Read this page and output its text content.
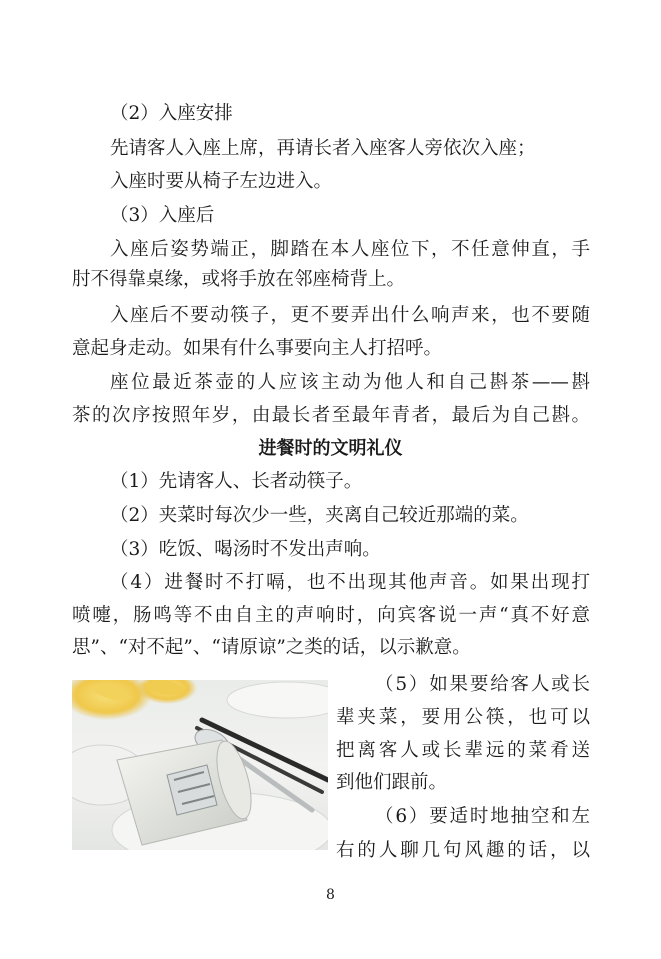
（2）入座安排
先请客人入座上席，再请长者入座客人旁依次入座；
入座时要从椅子左边进入。
（3）入座后
入座后姿势端正，脚踏在本人座位下，不任意伸直，手
肘不得靠桌缘，或将手放在邻座椅背上。
入座后不要动筷子，更不要弄出什么响声来，也不要随
意起身走动。如果有什么事要向主人打招呼。
座位最近茶壶的人应该主动为他人和自己斟茶——斟
茶的次序按照年岁，由最长者至最年青者，最后为自己斟。
进餐时的文明礼仪
（1）先请客人、长者动筷子。
（2）夹菜时每次少一些，夹离自己较近那端的菜。
（3）吃饭、喝汤时不发出声响。
（4）进餐时不打嗝，也不出现其他声音。如果出现打
喷嚏，肠鸣等不由自主的声响时，向宾客说一声“真不好意
思”、“对不起”、“请原谅”之类的话，以示歉意。
（5）如果要给客人或长
辈夹菜，要用公筷，也可以
把离客人或长辈远的菜肴送
到他们跟前。
（6）要适时地抽空和左
右的人聊几句风趣的话，以
8
